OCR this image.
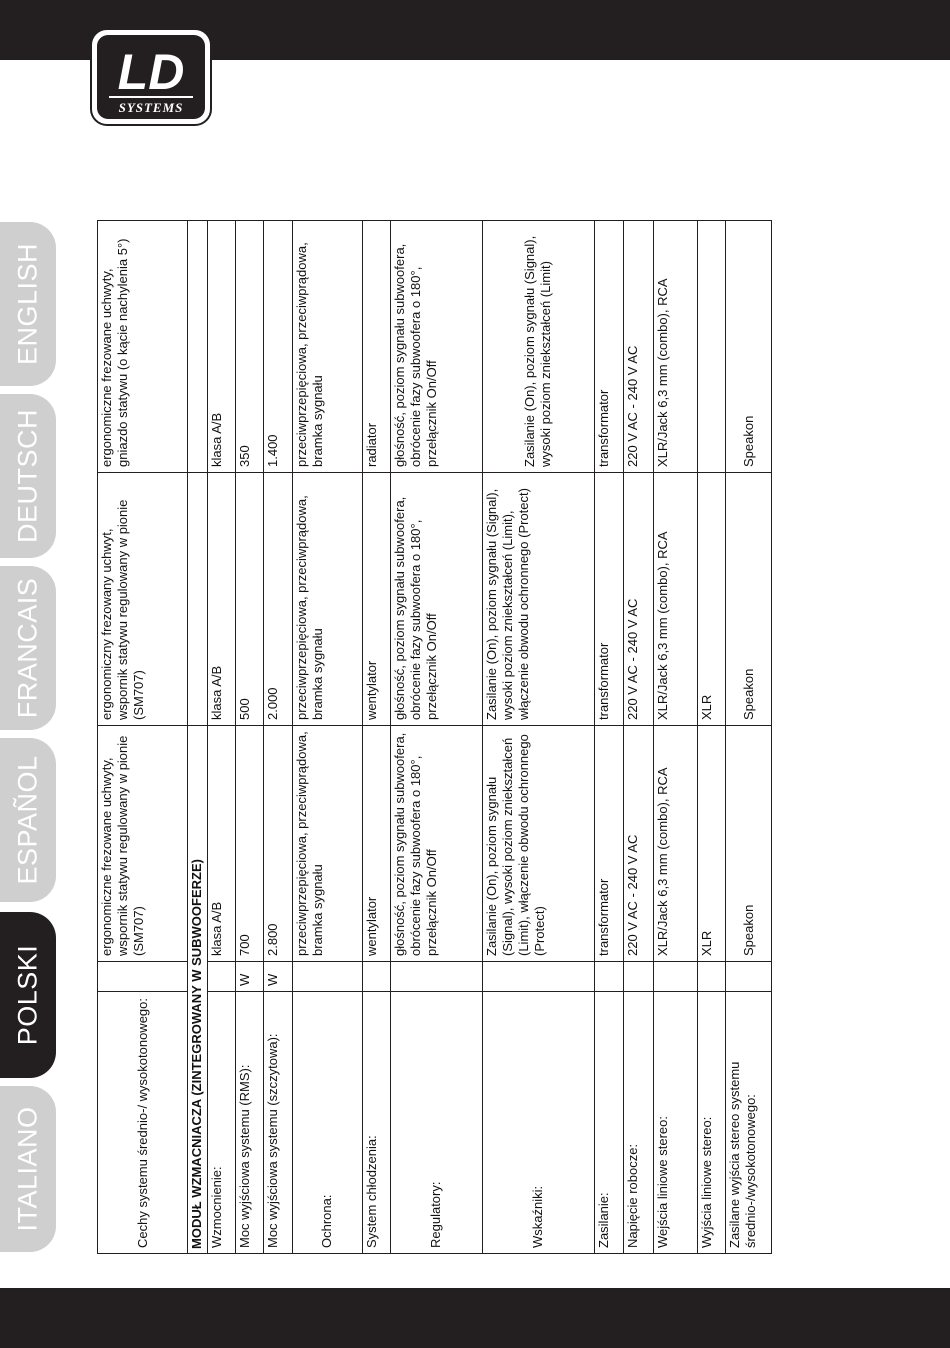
LD
SYSTEMS
ENGLISH
DEUTSCH
FRANCAIS
ESPAÑOL
POLSKI
ITALIANO	Cechy systemu średnio-/ wysokotonowego:		ergonomiczne frezowane uchwyty, wspornik statywu regulowany w pionie (SM707)	ergonomiczny frezowany uchwyt, wspornik statywu regulowany w pionie (SM707)	ergonomiczne frezowane uchwyty, gniazdo statywu (o kącie nachylenia 5°)
MODUŁ WZMACNIACZA (ZINTEGROWANY W SUBWOOFERZE)				
Wzmocnienie:		klasa A/B	klasa A/B	klasa A/B
Moc wyjściowa systemu (RMS):	W	700	500	350
Moc wyjściowa systemu (szczytowa):	W	2.800	2.000	1.400
Ochrona:		przeciwprzepięciowa, przeciwprądowa, bramka sygnału	przeciwprzepięciowa, przeciwprądowa, bramka sygnału	przeciwprzepięciowa, przeciwprądowa, bramka sygnału
System chłodzenia:		wentylator	wentylator	radiator
Regulatory:		głośność, poziom sygnału subwoofera, obrócenie fazy subwoofera o 180°, przełącznik On/Off	głośność, poziom sygnału subwoofera, obrócenie fazy subwoofera o 180°, przełącznik On/Off	głośność, poziom sygnału subwoofera, obrócenie fazy subwoofera o 180°, przełącznik On/Off
Wskaźniki:		Zasilanie (On), poziom sygnału (Signal), wysoki poziom zniekształceń (Limit), włączenie obwodu ochronnego (Protect)	Zasilanie (On), poziom sygnału (Signal), wysoki poziom zniekształceń (Limit), włączenie obwodu ochronnego (Protect)	Zasilanie (On), poziom sygnału (Signal), wysoki poziom zniekształceń (Limit)
Zasilanie:		transformator	transformator	transformator
Napięcie robocze:		220 V AC - 240 V AC	220 V AC - 240 V AC	220 V AC - 240 V AC
Wejścia liniowe stereo:		XLR/Jack 6,3 mm (combo), RCA	XLR/Jack 6,3 mm (combo), RCA	XLR/Jack 6,3 mm (combo), RCA
Wyjścia liniowe stereo:		XLR	XLR	
Zasilane wyjścia stereo systemu średnio-/wysokotonowego:		Speakon	Speakon	Speakon
